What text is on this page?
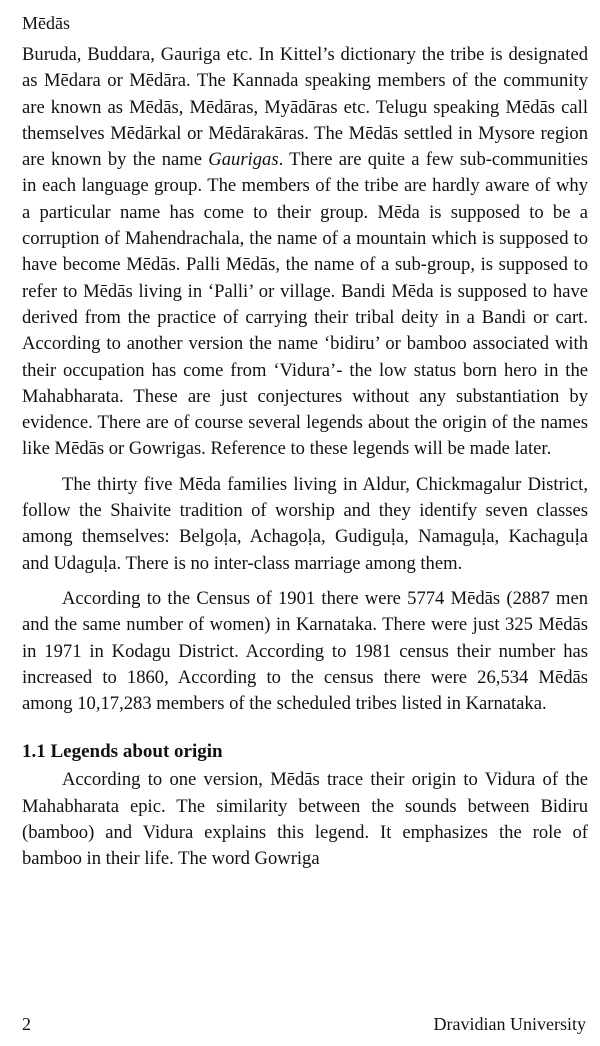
Mēdās

Buruda, Buddara, Gauriga etc. In Kittel’s dictionary the tribe is designated as Mēdara or Mēdāra. The Kannada speaking members of the community are known as Mēdās, Mēdāras, Myādāras etc. Telugu speaking Mēdās call themselves Mēdārkal or Mēdārakāras. The Mēdās settled in Mysore region are known by the name Gaurigas. There are quite a few sub-communities in each language group. The members of the tribe are hardly aware of why a particular name has come to their group. Mēda is supposed to be a corruption of Mahendrachala, the name of a mountain which is supposed to have become Mēdās. Palli Mēdās, the name of a sub-group, is supposed to refer to Mēdās living in ‘Palli’ or village. Bandi Mēda is supposed to have derived from the practice of carrying their tribal deity in a Bandi or cart. According to another version the name ‘bidiru’ or bamboo associated with their occupation has come from ‘Vidura’- the low status born hero in the Mahabharata. These are just conjectures without any substantiation by evidence. There are of course several legends about the origin of the names like Mēdās or Gowrigas. Reference to these legends will be made later.

The thirty five Mēda families living in Aldur, Chickmagalur District, follow the Shaivite tradition of worship and they identify seven classes among themselves: Belgoḷa, Achagoḷa, Gudiguḷa, Namaguḷa, Kachaguḷa and Udaguḷa. There is no inter-class marriage among them.

According to the Census of 1901 there were 5774 Mēdās (2887 men and the same number of women) in Karnataka. There were just 325 Mēdās in 1971 in Kodagu District. According to 1981 census their number has increased to 1860, According to the census there were 26,534 Mēdās among 10,17,283 members of the scheduled tribes listed in Karnataka.

1.1 Legends about origin

According to one version, Mēdās trace their origin to Vidura of the Mahabharata epic. The similarity between the sounds between Bidiru (bamboo) and Vidura explains this legend. It emphasizes the role of bamboo in their life. The word Gowriga

2	Dravidian University
